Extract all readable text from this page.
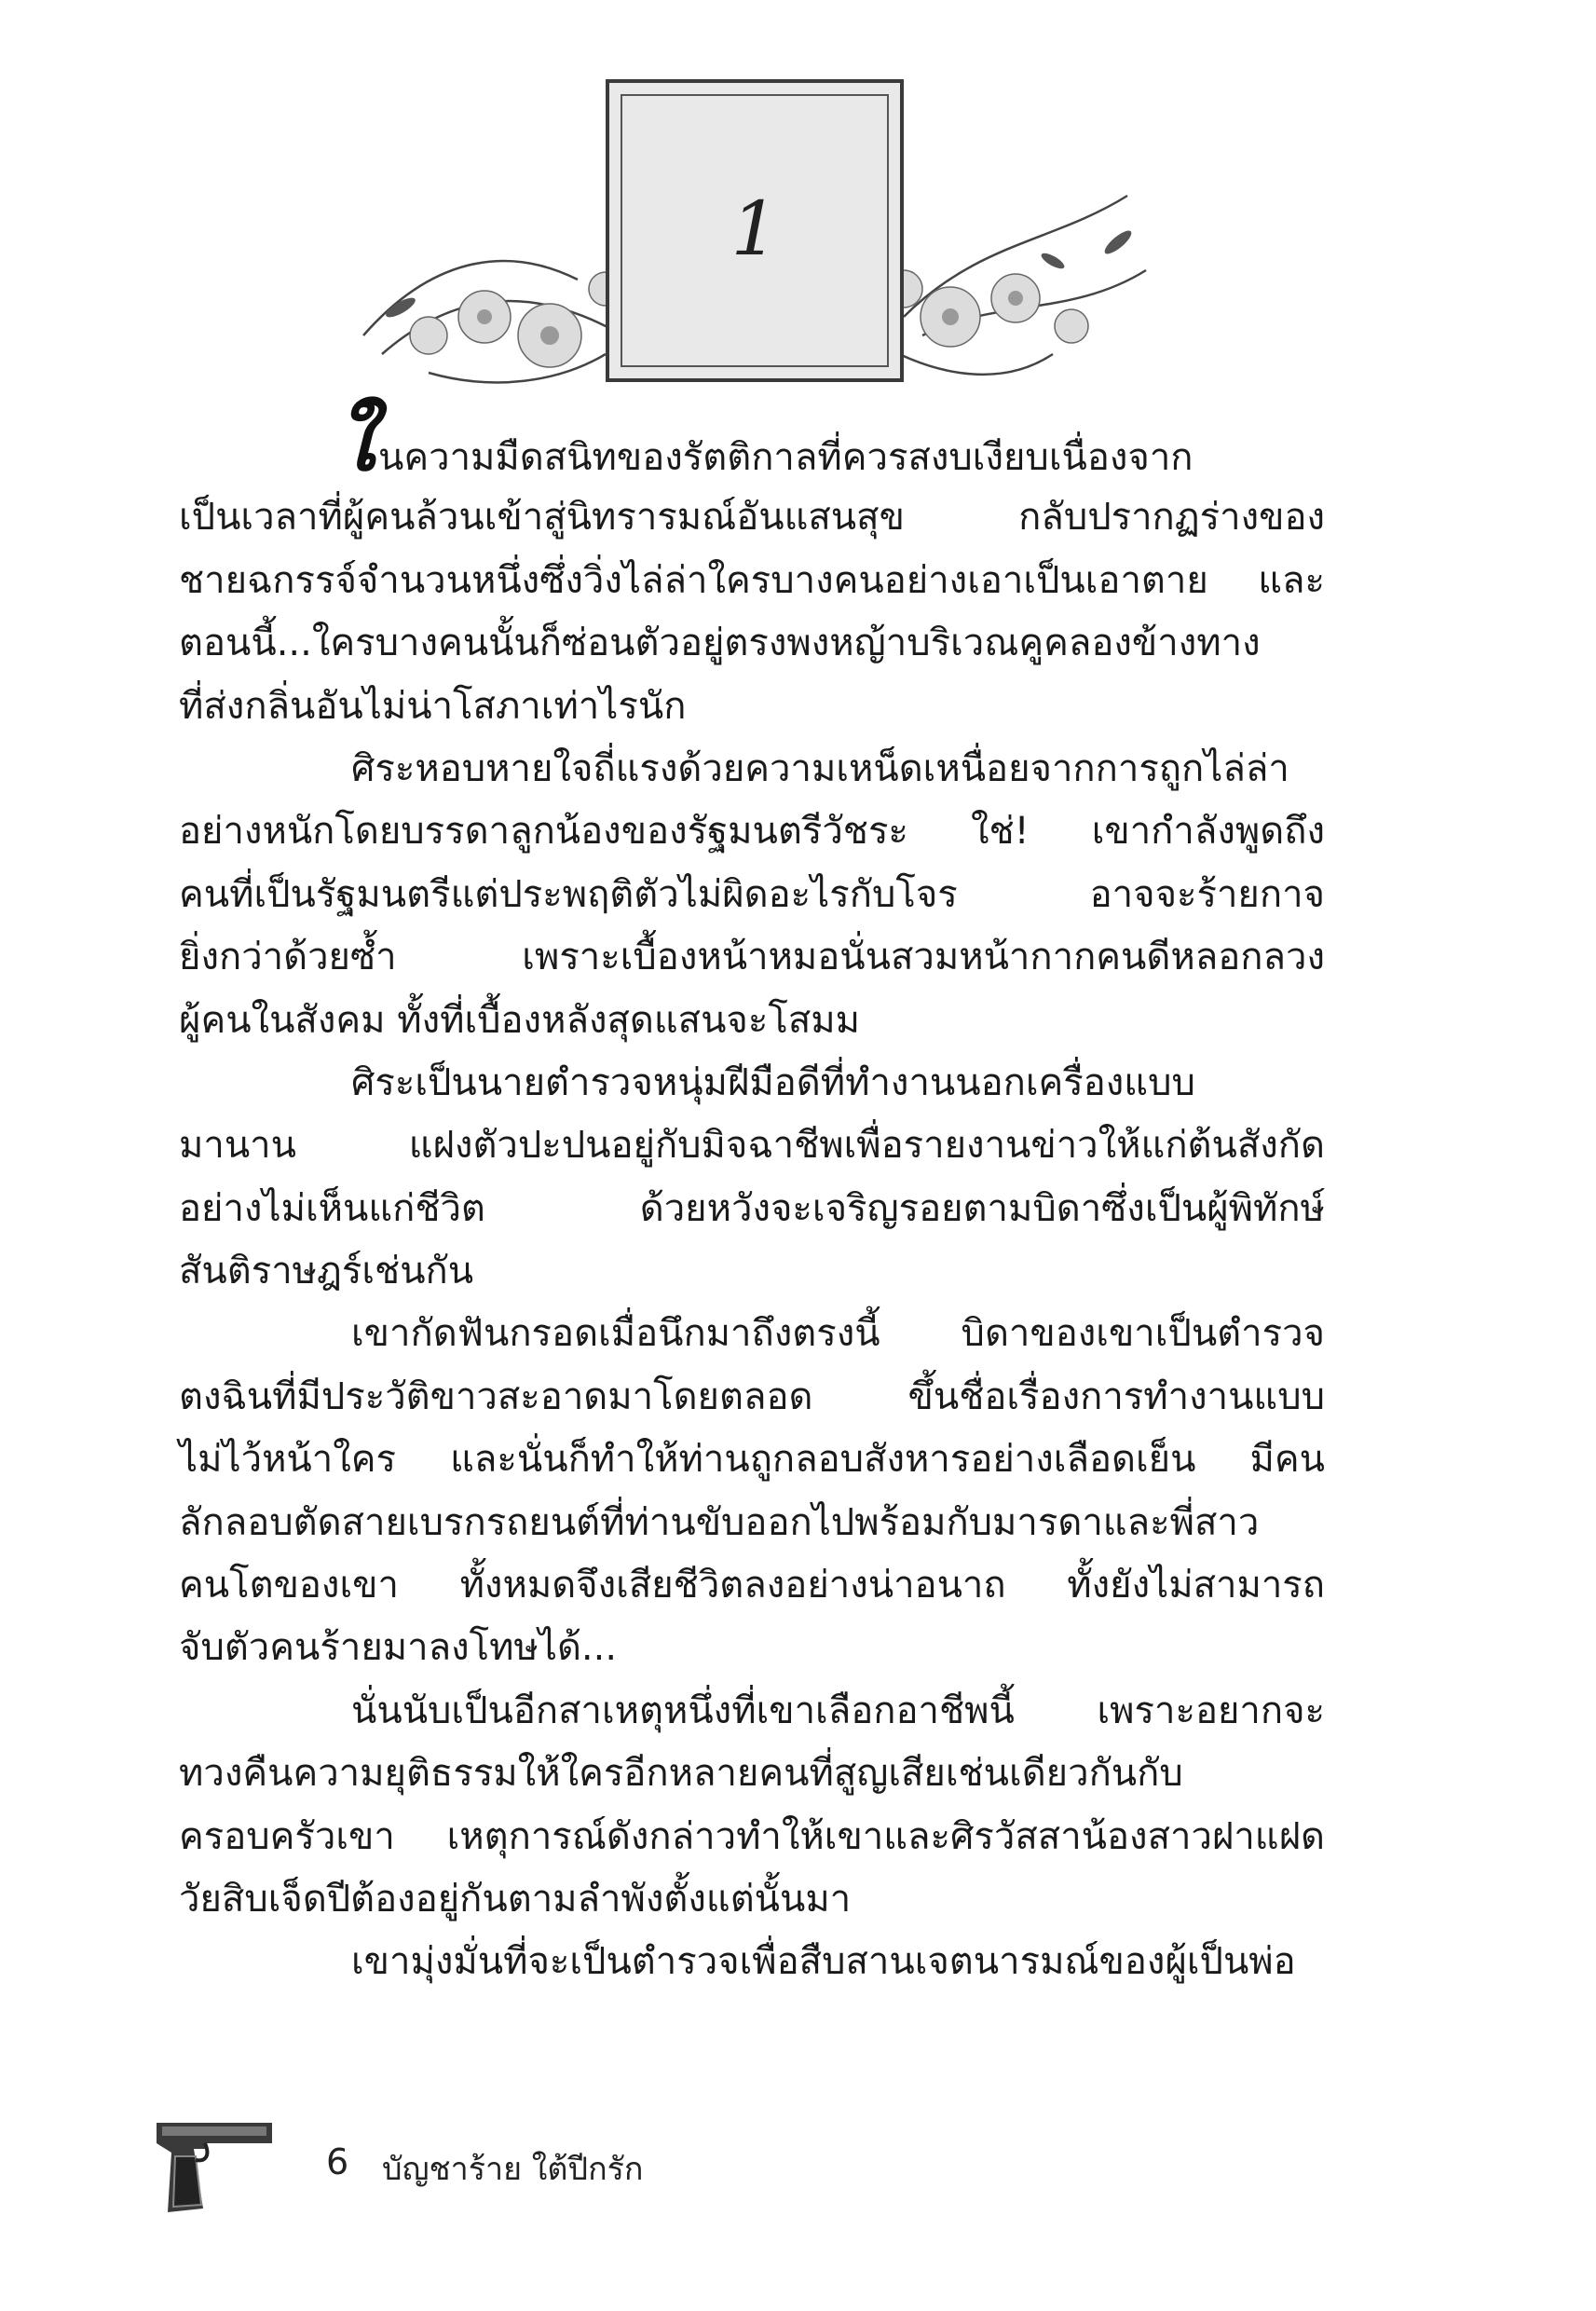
1
ในความมืดสนิทของรัตติกาลที่ควรสงบเงียบเนื่องจาก
เป็นเวลาที่ผู้คนล้วนเข้าสู่นิทรารมณ์อันแสนสุข กลับปรากฏร่างของ
ชายฉกรรจ์จำนวนหนึ่งซึ่งวิ่งไล่ล่าใครบางคนอย่างเอาเป็นเอาตาย และ
ตอนนี้...ใครบางคนนั้นก็ซ่อนตัวอยู่ตรงพงหญ้าบริเวณคูคลองข้างทาง
ที่ส่งกลิ่นอันไม่น่าโสภาเท่าไรนัก
ศิระหอบหายใจถี่แรงด้วยความเหน็ดเหนื่อยจากการถูกไล่ล่า
อย่างหนักโดยบรรดาลูกน้องของรัฐมนตรีวัชระ ใช่! เขากำลังพูดถึง
คนที่เป็นรัฐมนตรีแต่ประพฤติตัวไม่ผิดอะไรกับโจร อาจจะร้ายกาจ
ยิ่งกว่าด้วยซ้ำ เพราะเบื้องหน้าหมอนั่นสวมหน้ากากคนดีหลอกลวง
ผู้คนในสังคม ทั้งที่เบื้องหลังสุดแสนจะโสมม
ศิระเป็นนายตำรวจหนุ่มฝีมือดีที่ทำงานนอกเครื่องแบบ
มานาน แฝงตัวปะปนอยู่กับมิจฉาชีพเพื่อรายงานข่าวให้แก่ต้นสังกัด
อย่างไม่เห็นแก่ชีวิต ด้วยหวังจะเจริญรอยตามบิดาซึ่งเป็นผู้พิทักษ์
สันติราษฎร์เช่นกัน
เขากัดฟันกรอดเมื่อนึกมาถึงตรงนี้ บิดาของเขาเป็นตำรวจ
ตงฉินที่มีประวัติขาวสะอาดมาโดยตลอด ขึ้นชื่อเรื่องการทำงานแบบ
ไม่ไว้หน้าใคร และนั่นก็ทำให้ท่านถูกลอบสังหารอย่างเลือดเย็น มีคน
ลักลอบตัดสายเบรกรถยนต์ที่ท่านขับออกไปพร้อมกับมารดาและพี่สาว
คนโตของเขา ทั้งหมดจึงเสียชีวิตลงอย่างน่าอนาถ ทั้งยังไม่สามารถ
จับตัวคนร้ายมาลงโทษได้...
นั่นนับเป็นอีกสาเหตุหนึ่งที่เขาเลือกอาชีพนี้ เพราะอยากจะ
ทวงคืนความยุติธรรมให้ใครอีกหลายคนที่สูญเสียเช่นเดียวกันกับ
ครอบครัวเขา เหตุการณ์ดังกล่าวทำให้เขาและศิรวัสสาน้องสาวฝาแฝด
วัยสิบเจ็ดปีต้องอยู่กันตามลำพังตั้งแต่นั้นมา
เขามุ่งมั่นที่จะเป็นตำรวจเพื่อสืบสานเจตนารมณ์ของผู้เป็นพ่อ
6 บัญชาร้าย ใต้ปีกรัก
